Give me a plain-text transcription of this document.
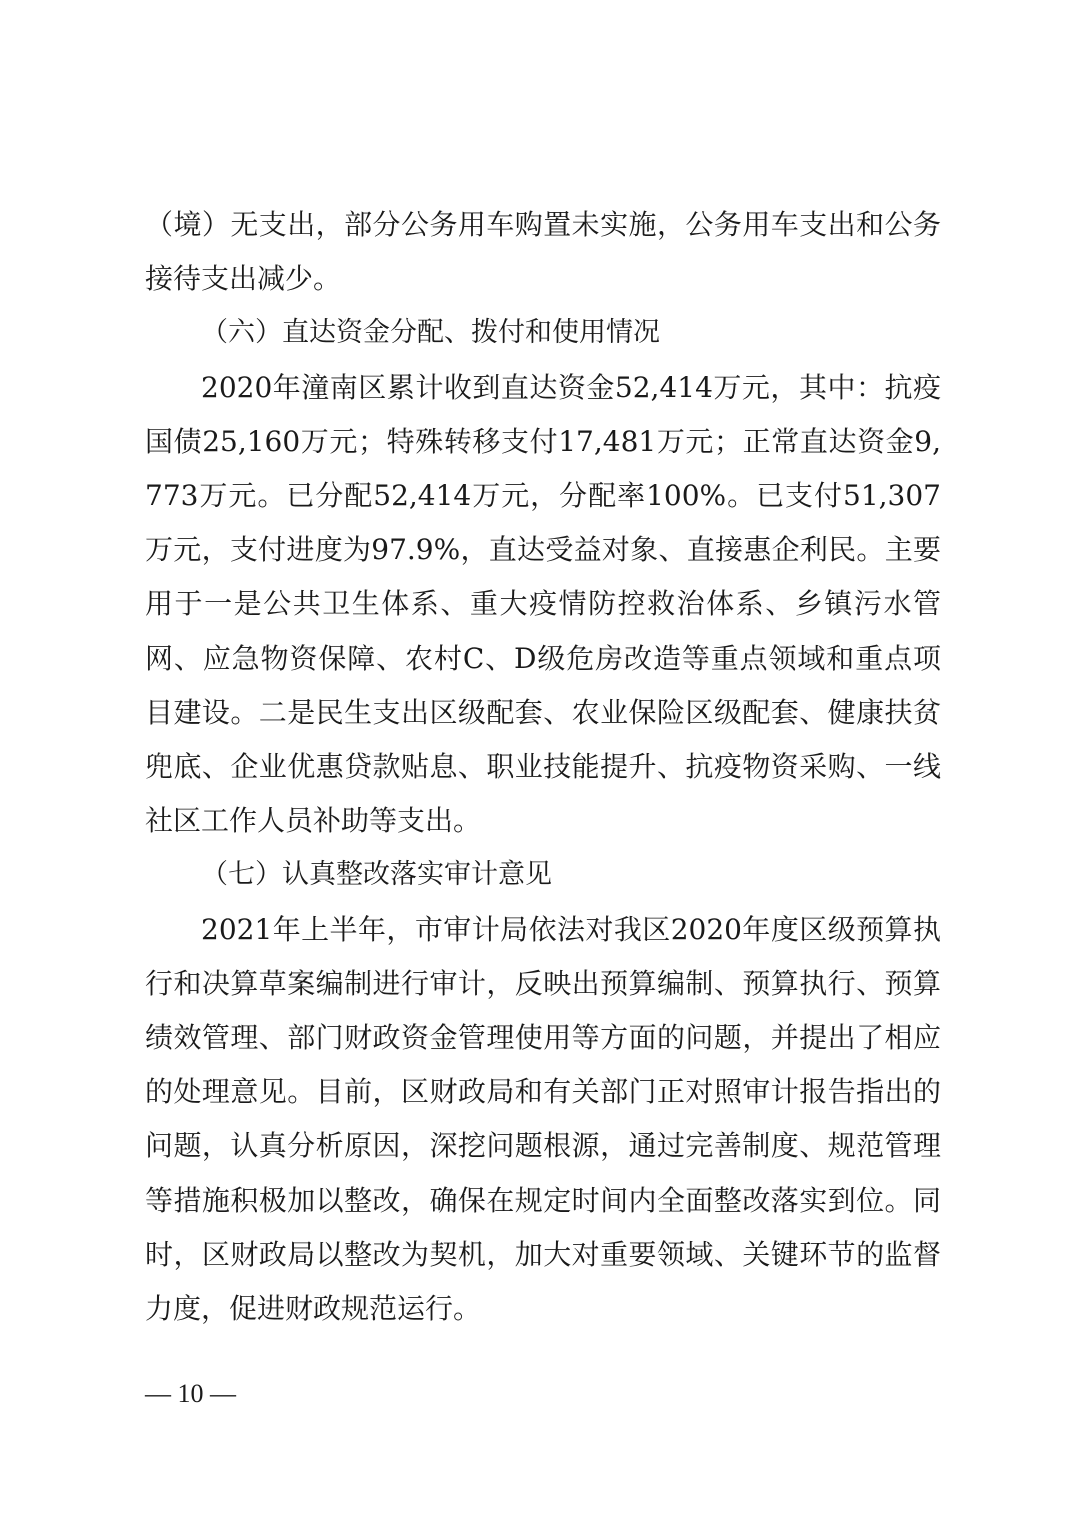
（境）无支出，部分公务用车购置未实施，公务用车支出和公务接待支出减少。

（六）直达资金分配、拨付和使用情况

2020年潼南区累计收到直达资金52,414万元，其中：抗疫国债25,160万元；特殊转移支付17,481万元；正常直达资金9,773万元。已分配52,414万元，分配率100%。已支付51,307万元，支付进度为97.9%，直达受益对象、直接惠企利民。主要用于一是公共卫生体系、重大疫情防控救治体系、乡镇污水管网、应急物资保障、农村C、D级危房改造等重点领域和重点项目建设。二是民生支出区级配套、农业保险区级配套、健康扶贫兜底、企业优惠贷款贴息、职业技能提升、抗疫物资采购、一线社区工作人员补助等支出。

（七）认真整改落实审计意见

2021年上半年，市审计局依法对我区2020年度区级预算执行和决算草案编制进行审计，反映出预算编制、预算执行、预算绩效管理、部门财政资金管理使用等方面的问题，并提出了相应的处理意见。目前，区财政局和有关部门正对照审计报告指出的问题，认真分析原因，深挖问题根源，通过完善制度、规范管理等措施积极加以整改，确保在规定时间内全面整改落实到位。同时，区财政局以整改为契机，加大对重要领域、关键环节的监督力度，促进财政规范运行。

— 10 —
